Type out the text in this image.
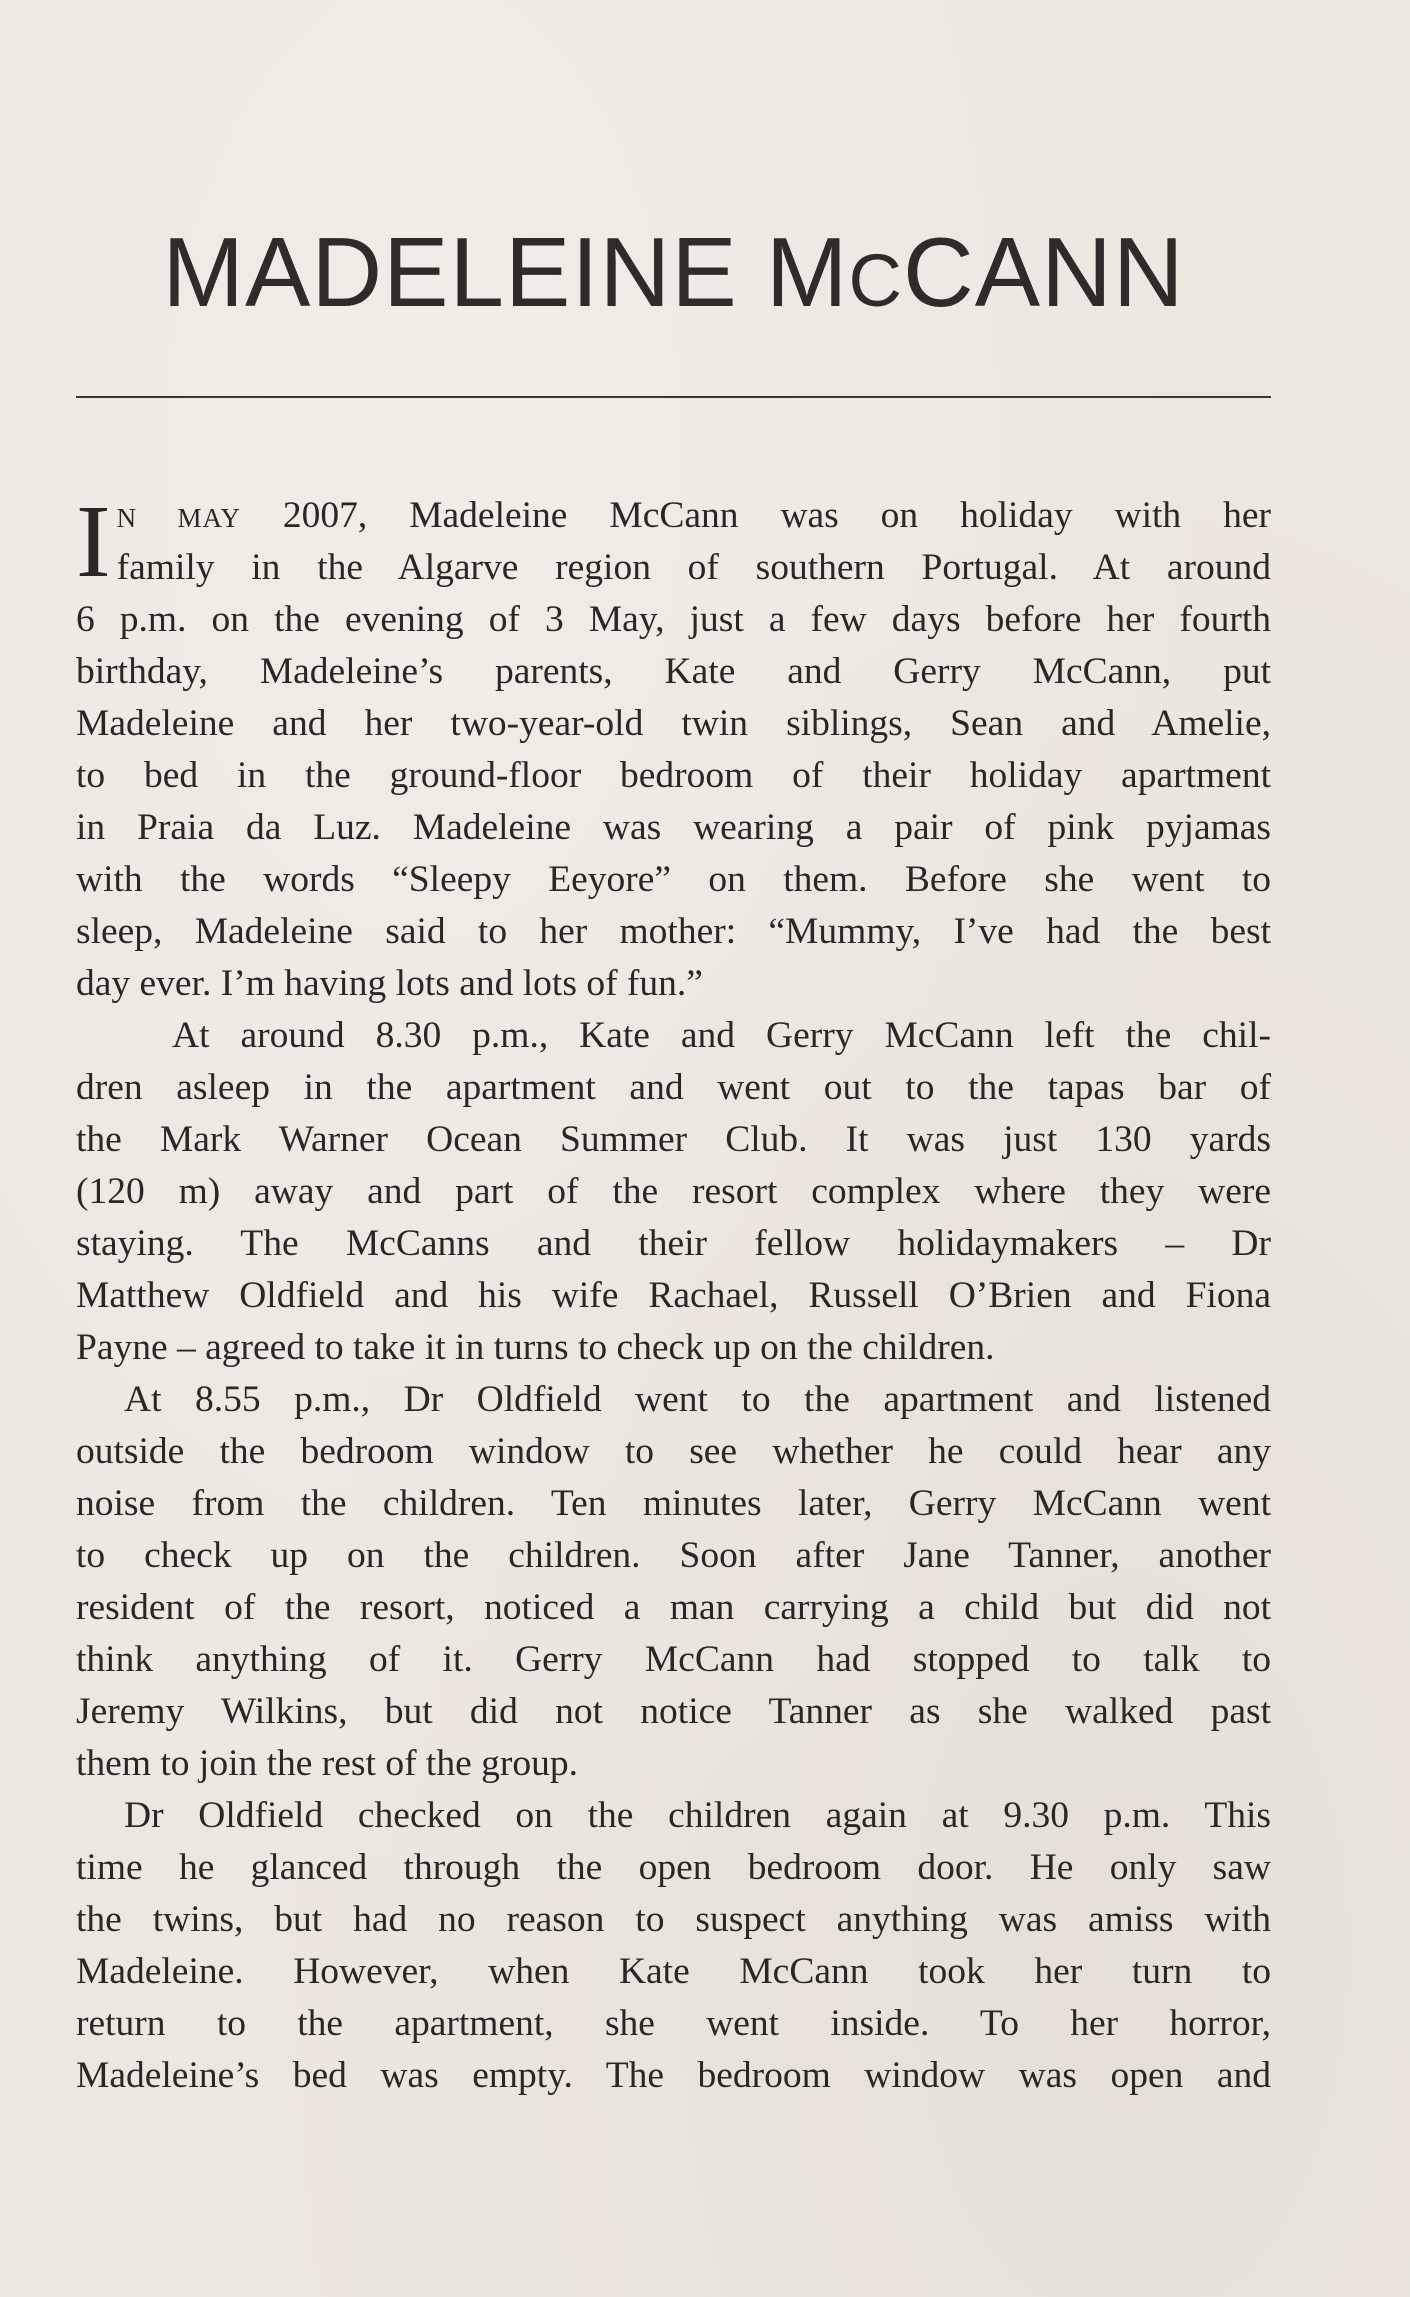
MADELEINE MCCANN
I N MAY 2007, Madeleine McCann was on holiday with her
family in the Algarve region of southern Portugal. At around
6 p.m. on the evening of 3 May, just a few days before her fourth
birthday, Madeleine’s parents, Kate and Gerry McCann, put
Madeleine and her two-year-old twin siblings, Sean and Amelie,
to bed in the ground-floor bedroom of their holiday apartment
in Praia da Luz. Madeleine was wearing a pair of pink pyjamas
with the words “Sleepy Eeyore” on them. Before she went to
sleep, Madeleine said to her mother: “Mummy, I’ve had the best
day ever. I’m having lots and lots of fun.”
At around 8.30 p.m., Kate and Gerry McCann left the chil-
dren asleep in the apartment and went out to the tapas bar of
the Mark Warner Ocean Summer Club. It was just 130 yards
(120 m) away and part of the resort complex where they were
staying. The McCanns and their fellow holidaymakers – Dr
Matthew Oldfield and his wife Rachael, Russell O’Brien and Fiona
Payne – agreed to take it in turns to check up on the children.
At 8.55 p.m., Dr Oldfield went to the apartment and listened
outside the bedroom window to see whether he could hear any
noise from the children. Ten minutes later, Gerry McCann went
to check up on the children. Soon after Jane Tanner, another
resident of the resort, noticed a man carrying a child but did not
think anything of it. Gerry McCann had stopped to talk to
Jeremy Wilkins, but did not notice Tanner as she walked past
them to join the rest of the group.
Dr Oldfield checked on the children again at 9.30 p.m. This
time he glanced through the open bedroom door. He only saw
the twins, but had no reason to suspect anything was amiss with
Madeleine. However, when Kate McCann took her turn to
return to the apartment, she went inside. To her horror,
Madeleine’s bed was empty. The bedroom window was open and
